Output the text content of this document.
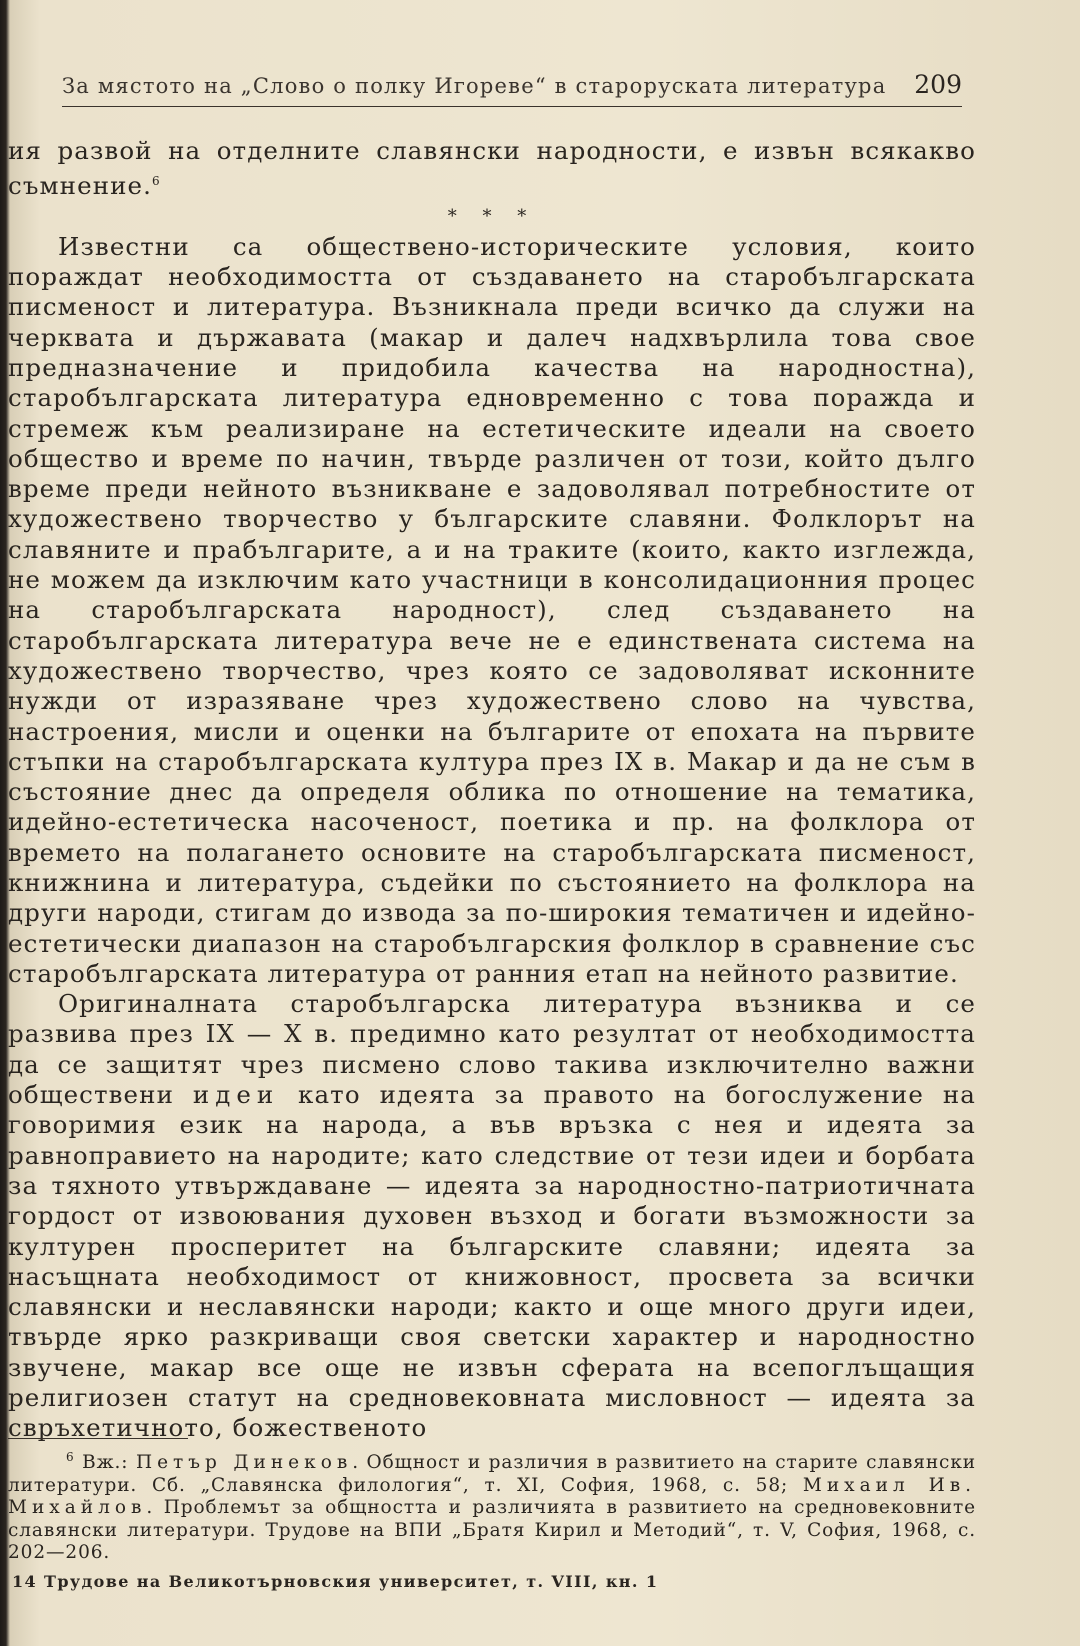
За мястото на „Слово о полку Игореве“ в староруската литература 209

ия развой на отделните славянски народности, е извън всякакво съмнение.$^6$

* * *

Известни са обществено-историческите условия, които пораждат необходимостта от създаването на старобългарската писменост и литература. Възникнала преди всичко да служи на черквата и държавата (макар и далеч надхвърлила това свое предназначение и придобила качества на народностна), старобългарската литература едновременно с това поражда и стремеж към реализиране на естетическите идеали на своето общество и време по начин, твърде различен от този, който дълго време преди нейното възникване е задоволявал потребностите от художествено творчество у българските славяни. Фолклорът на славяните и прабългарите, а и на траките (които, както изглежда, не можем да изключим като участници в консолидационния процес на старобългарската народност), след създаването на старобългарската литература вече не е единствената система на художествено творчество, чрез която се задоволяват исконните нужди от изразяване чрез художествено слово на чувства, настроения, мисли и оценки на българите от епохата на първите стъпки на старобългарската култура през IX в. Макар и да не съм в състояние днес да определя облика по отношение на тематика, идейно-естетическа насоченост, поетика и пр. на фолклора от времето на полагането основите на старобългарската писменост, книжнина и литература, съдейки по състоянието на фолклора на други народи, стигам до извода за по-широкия тематичен и идейно-естетически диапазон на старобългарския фолклор в сравнение със старобългарската литература от ранния етап на нейното развитие.

Оригиналната старобългарска литература възниква и се развива през IX — X в. предимно като резултат от необходимостта да се защитят чрез писмено слово такива изключително важни обществени идеи като идеята за правото на богослужение на говоримия език на народа, а във връзка с нея и идеята за равноправието на народите; като следствие от тези идеи и борбата за тяхното утвърждаване — идеята за народностно-патриотичната гордост от извоювания духовен възход и богати възможности за културен просперитет на българските славяни; идеята за насъщната необходимост от книжовност, просвета за всички славянски и неславянски народи; както и още много други идеи, твърде ярко разкриващи своя светски характер и народностно звучене, макар все още не извън сферата на всепоглъщащия религиозен статут на средновековната мисловност — идеята за свръхетичното, божественото

$^6$ Вж.: Петър Динеков. Общност и различия в развитието на старите славянски литератури. Сб. „Славянска филология“, т. XI, София, 1968, с. 58; Михаил Ив. Михайлов. Проблемът за общността и различията в развитието на средновековните славянски литератури. Трудове на ВПИ „Братя Кирил и Методий“, т. V, София, 1968, с. 202—206.

14 Трудове на Великотърновския университет, т. VIII, кн. 1
